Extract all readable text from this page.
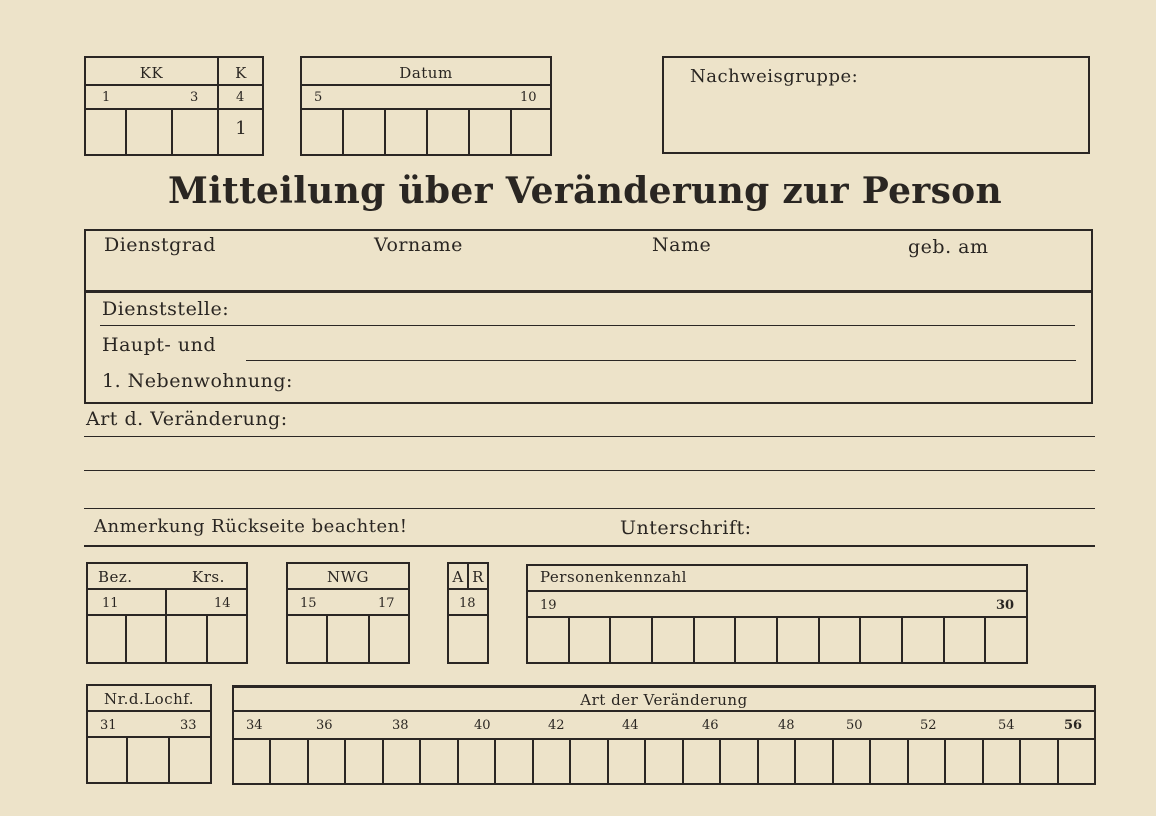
KK	K
1	3	4
1
Datum
5	10
Nachweisgruppe:
Mitteilung über Veränderung zur Person
Dienstgrad	Vorname	Name	geb. am
Dienststelle:
Haupt- und
1. Nebenwohnung:
Art d. Veränderung:
Anmerkung Rückseite beachten!	Unterschrift:
Bez.	Krs.
11	14
NWG
15	17
A R
18
Personenkennzahl
19	30
Nr.d.Lochf.
31	33
Art der Veränderung
34	36	38	40	42	44	46	48	50	52	54	56
